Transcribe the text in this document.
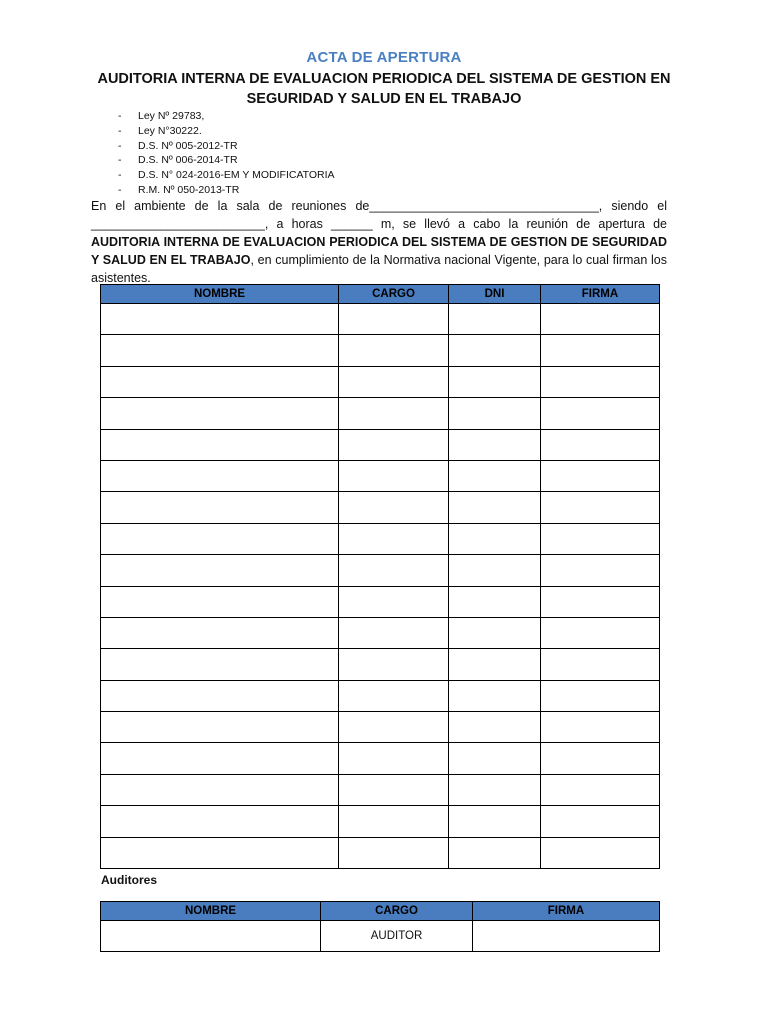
ACTA DE APERTURA
AUDITORIA INTERNA DE EVALUACION PERIODICA DEL SISTEMA DE GESTION EN
SEGURIDAD Y SALUD EN EL TRABAJO
- Ley Nº 29783,
- Ley N°30222.
- D.S. Nº 005-2012-TR
- D.S. Nº 006-2014-TR
- D.S. N° 024-2016-EM Y MODIFICATORIA
- R.M. Nº 050-2013-TR

En el ambiente de la sala de reuniones de_________________________________, siendo el _________________________, a horas ______ m, se llevó a cabo la reunión de apertura de AUDITORIA INTERNA DE EVALUACION PERIODICA DEL SISTEMA DE GESTION DE SEGURIDAD Y SALUD EN EL TRABAJO, en cumplimiento de la Normativa nacional Vigente, para lo cual firman los asistentes.

NOMBRE	CARGO	DNI	FIRMA

Auditores
NOMBRE	CARGO	FIRMA
	AUDITOR	
